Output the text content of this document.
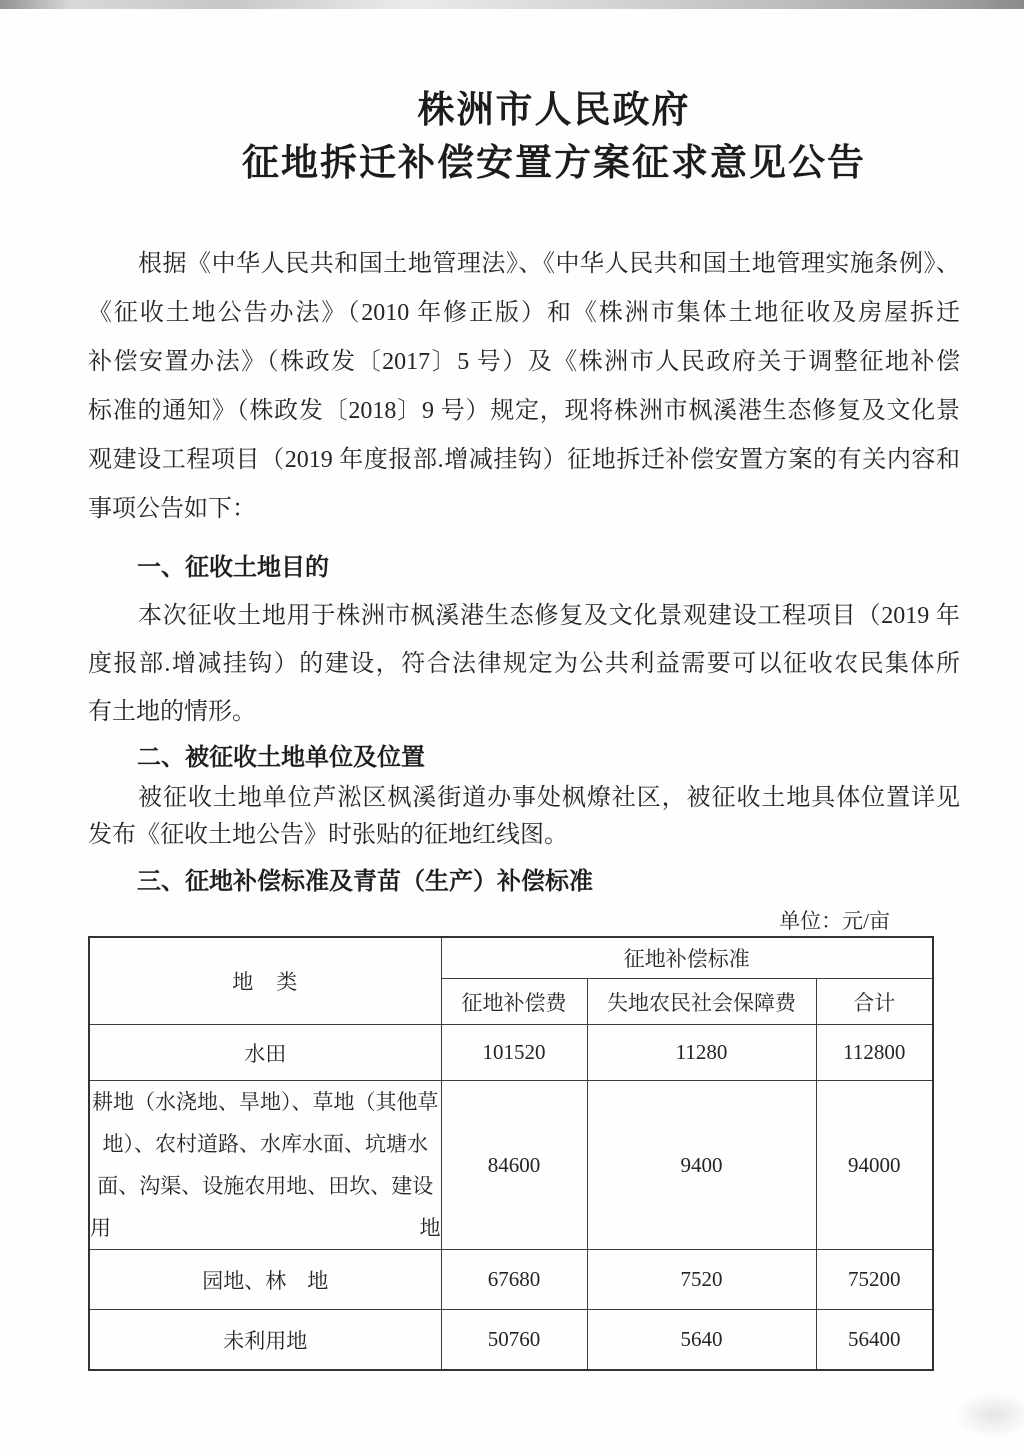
株洲市人民政府
征地拆迁补偿安置方案征求意见公告
根据《中华人民共和国土地管理法》、《中华人民共和国土地管理实施条例》、
《征收土地公告办法》（2010 年修正版）和《株洲市集体土地征收及房屋拆迁
补偿安置办法》（株政发〔2017〕5 号）及《株洲市人民政府关于调整征地补偿
标准的通知》（株政发〔2018〕9 号）规定，现将株洲市枫溪港生态修复及文化景
观建设工程项目（2019 年度报部.增减挂钩）征地拆迁补偿安置方案的有关内容和
事项公告如下：
一、征收土地目的
本次征收土地用于株洲市枫溪港生态修复及文化景观建设工程项目（2019 年
度报部.增减挂钩）的建设，符合法律规定为公共利益需要可以征收农民集体所
有土地的情形。
二、被征收土地单位及位置
被征收土地单位芦淞区枫溪街道办事处枫燎社区，被征收土地具体位置详见
发布《征收土地公告》时张贴的征地红线图。
三、征地补偿标准及青苗（生产）补偿标准
单位：元/亩
地　类	征地补偿标准		
	征地补偿费	失地农民社会保障费	合计
水田	101520	11280	112800
耕地（水浇地、旱地）、草地（其他草地）、农村道路、水库水面、坑塘水面、沟渠、设施农用地、田坎、建设用地	84600	9400	94000
园地、林　地	67680	7520	75200
未利用地	50760	5640	56400
